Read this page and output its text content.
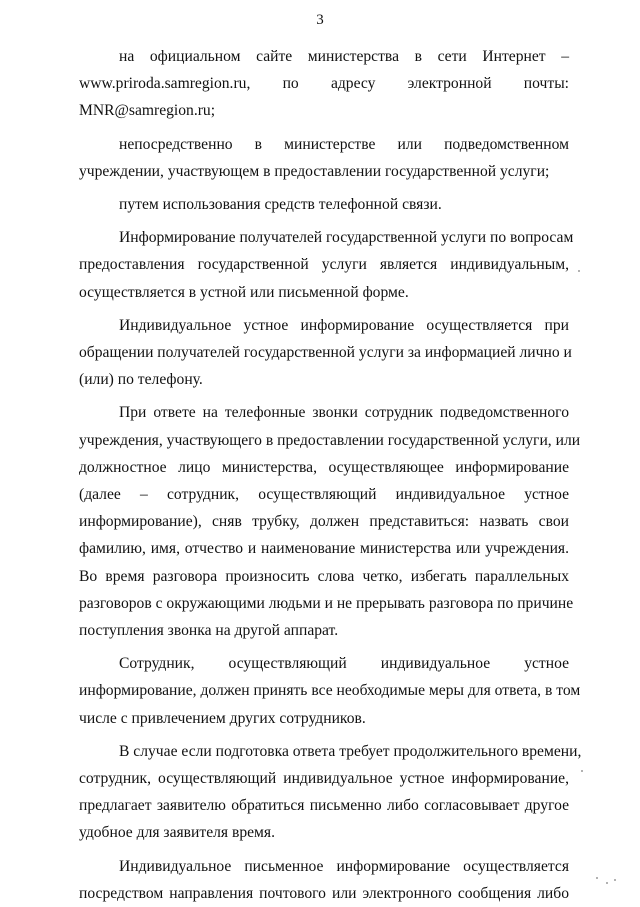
3
на официальном сайте министерства в сети Интернет –
www.priroda.samregion.ru, по адресу электронной почты:
MNR@samregion.ru;
непосредственно в министерстве или подведомственном
учреждении, участвующем в предоставлении государственной услуги;
путем использования средств телефонной связи.
Информирование получателей государственной услуги по вопросам
предоставления государственной услуги является индивидуальным,
осуществляется в устной или письменной форме.
Индивидуальное устное информирование осуществляется при
обращении получателей государственной услуги за информацией лично и
(или) по телефону.
При ответе на телефонные звонки сотрудник подведомственного
учреждения, участвующего в предоставлении государственной услуги, или
должностное лицо министерства, осуществляющее информирование
(далее – сотрудник, осуществляющий индивидуальное устное
информирование), сняв трубку, должен представиться: назвать свои
фамилию, имя, отчество и наименование министерства или учреждения.
Во время разговора произносить слова четко, избегать параллельных
разговоров с окружающими людьми и не прерывать разговора по причине
поступления звонка на другой аппарат.
Сотрудник, осуществляющий индивидуальное устное
информирование, должен принять все необходимые меры для ответа, в том
числе с привлечением других сотрудников.
В случае если подготовка ответа требует продолжительного времени,
сотрудник, осуществляющий индивидуальное устное информирование,
предлагает заявителю обратиться письменно либо согласовывает другое
удобное для заявителя время.
Индивидуальное письменное информирование осуществляется
посредством направления почтового или электронного сообщения либо
